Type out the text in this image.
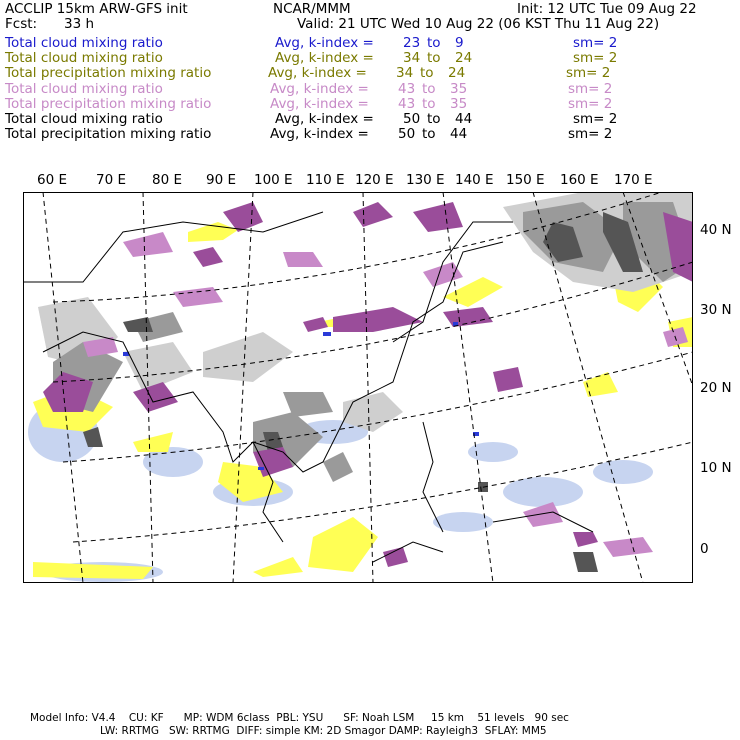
ACCLIP 15km ARW-GFS init	NCAR/MMM	Init: 12 UTC Tue 09 Aug 22
Fcst: 33 h	Valid: 21 UTC Wed 10 Aug 22 (06 KST Thu 11 Aug 22)
Total cloud mixing ratio	Avg, k-index = 23 to 9	sm= 2
Total cloud mixing ratio	Avg, k-index = 34 to 24	sm= 2
Total precipitation mixing ratio	Avg, k-index = 34 to 24	sm= 2
Total cloud mixing ratio	Avg, k-index = 43 to 35	sm= 2
Total precipitation mixing ratio	Avg, k-index = 43 to 35	sm= 2
Total cloud mixing ratio	Avg, k-index = 50 to 44	sm= 2
Total precipitation mixing ratio	Avg, k-index = 50 to 44	sm= 2
60 E 70 E 80 E 90 E 100 E 110 E 120 E 130 E 140 E 150 E 160 E 170 E
40 N
30 N
20 N
10 N
0
Model Info: V4.4    CU: KF      MP: WDM 6class  PBL: YSU      SF: Noah LSM     15 km    51 levels   90 sec
LW: RRTMG   SW: RRTMG  DIFF: simple KM: 2D Smagor DAMP: Rayleigh3  SFLAY: MM5
